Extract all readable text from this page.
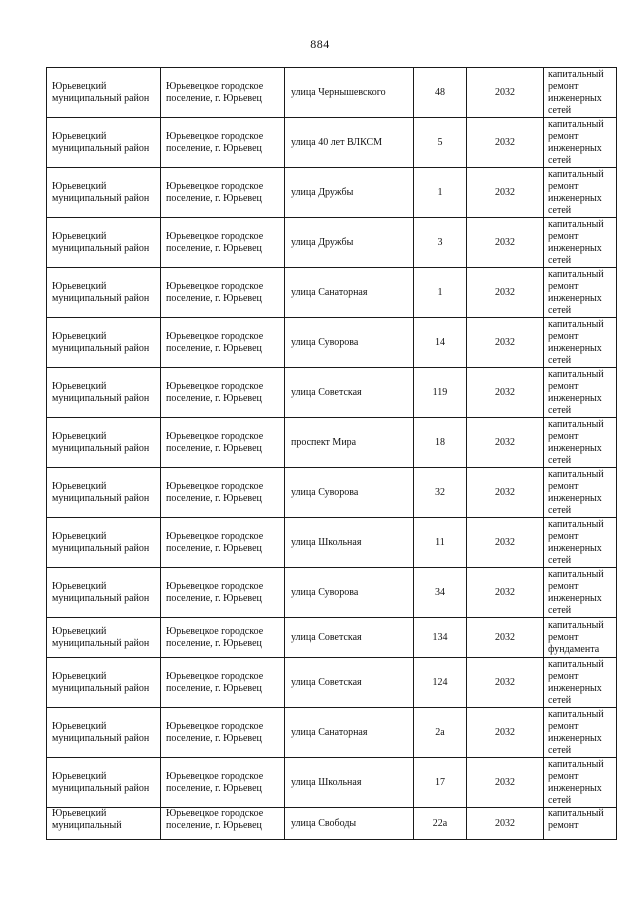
884
Юрьевецкий муниципальный район	Юрьевецкое городское поселение, г. Юрьевец	улица Чернышевского	48	2032	капитальный ремонт инженерных сетей
Юрьевецкий муниципальный район	Юрьевецкое городское поселение, г. Юрьевец	улица 40 лет ВЛКСМ	5	2032	капитальный ремонт инженерных сетей
Юрьевецкий муниципальный район	Юрьевецкое городское поселение, г. Юрьевец	улица Дружбы	1	2032	капитальный ремонт инженерных сетей
Юрьевецкий муниципальный район	Юрьевецкое городское поселение, г. Юрьевец	улица Дружбы	3	2032	капитальный ремонт инженерных сетей
Юрьевецкий муниципальный район	Юрьевецкое городское поселение, г. Юрьевец	улица Санаторная	1	2032	капитальный ремонт инженерных сетей
Юрьевецкий муниципальный район	Юрьевецкое городское поселение, г. Юрьевец	улица Суворова	14	2032	капитальный ремонт инженерных сетей
Юрьевецкий муниципальный район	Юрьевецкое городское поселение, г. Юрьевец	улица Советская	119	2032	капитальный ремонт инженерных сетей
Юрьевецкий муниципальный район	Юрьевецкое городское поселение, г. Юрьевец	проспект Мира	18	2032	капитальный ремонт инженерных сетей
Юрьевецкий муниципальный район	Юрьевецкое городское поселение, г. Юрьевец	улица Суворова	32	2032	капитальный ремонт инженерных сетей
Юрьевецкий муниципальный район	Юрьевецкое городское поселение, г. Юрьевец	улица Школьная	11	2032	капитальный ремонт инженерных сетей
Юрьевецкий муниципальный район	Юрьевецкое городское поселение, г. Юрьевец	улица Суворова	34	2032	капитальный ремонт инженерных сетей
Юрьевецкий муниципальный район	Юрьевецкое городское поселение, г. Юрьевец	улица Советская	134	2032	капитальный ремонт фундамента
Юрьевецкий муниципальный район	Юрьевецкое городское поселение, г. Юрьевец	улица Советская	124	2032	капитальный ремонт инженерных сетей
Юрьевецкий муниципальный район	Юрьевецкое городское поселение, г. Юрьевец	улица Санаторная	2а	2032	капитальный ремонт инженерных сетей
Юрьевецкий муниципальный район	Юрьевецкое городское поселение, г. Юрьевец	улица Школьная	17	2032	капитальный ремонт инженерных сетей
Юрьевецкий муниципальный	Юрьевецкое городское поселение, г. Юрьевец	улица Свободы	22а	2032	капитальный ремонт
